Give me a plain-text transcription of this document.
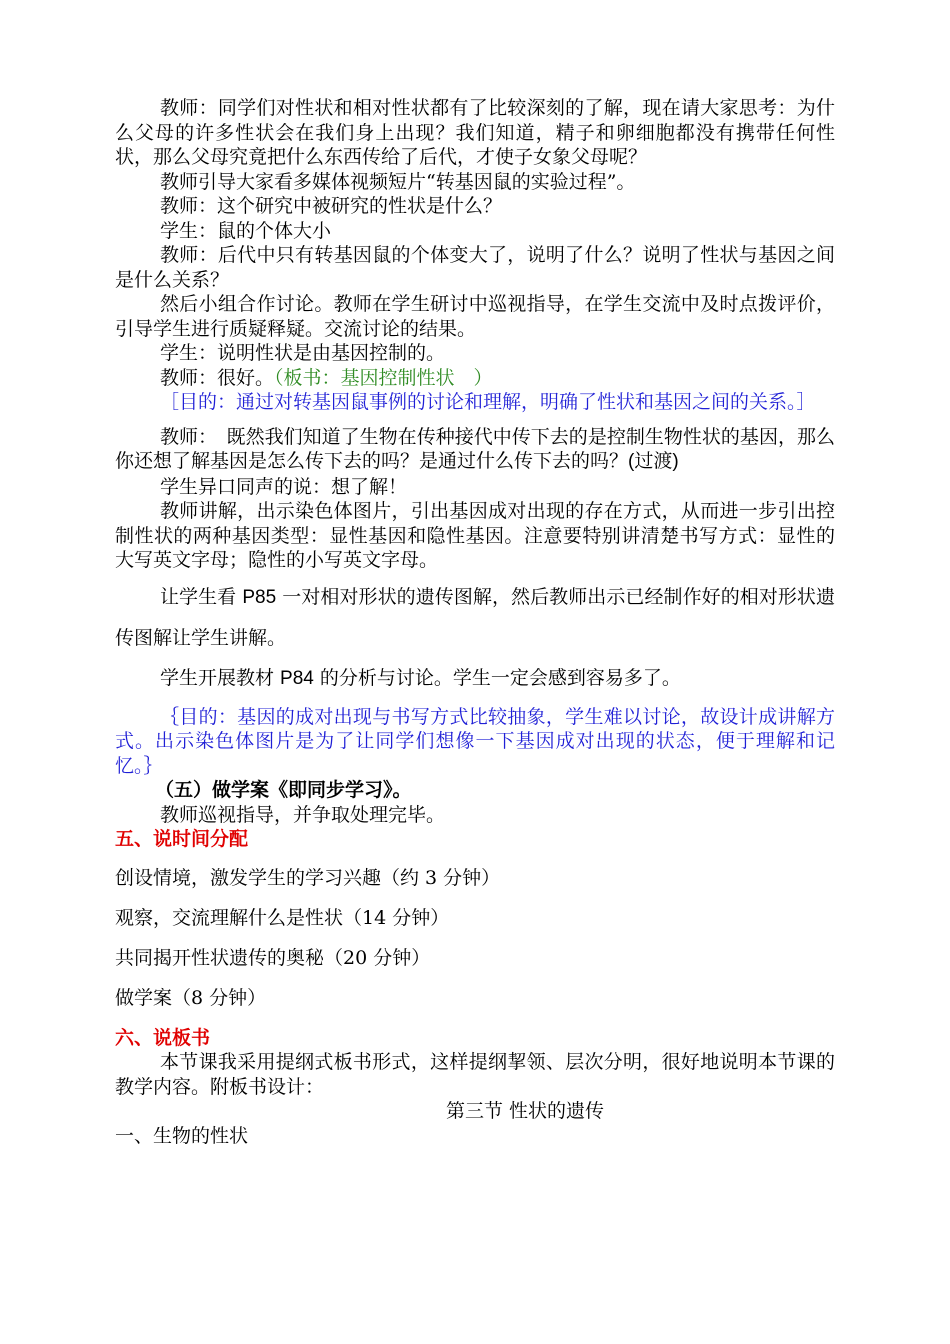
教师：同学们对性状和相对性状都有了比较深刻的了解，现在请大家思考：为什么父母的许多性状会在我们身上出现？我们知道，精子和卵细胞都没有携带任何性状，那么父母究竟把什么东西传给了后代，才使子女象父母呢？

教师引导大家看多媒体视频短片“转基因鼠的实验过程”。

教师：这个研究中被研究的性状是什么？

学生：鼠的个体大小

教师：后代中只有转基因鼠的个体变大了，说明了什么？说明了性状与基因之间是什么关系？

然后小组合作讨论。教师在学生研讨中巡视指导，在学生交流中及时点拨评价，引导学生进行质疑释疑。交流讨论的结果。

学生：说明性状是由基因控制的。

教师：很好。（板书：基因控制性状　）

［目的：通过对转基因鼠事例的讨论和理解，明确了性状和基因之间的关系。］

教师：　既然我们知道了生物在传种接代中传下去的是控制生物性状的基因，那么你还想了解基因是怎么传下去的吗？是通过什么传下去的吗？(过渡)

学生异口同声的说：想了解！

教师讲解，出示染色体图片，引出基因成对出现的存在方式，从而进一步引出控制性状的两种基因类型：显性基因和隐性基因。注意要特别讲清楚书写方式：显性的大写英文字母；隐性的小写英文字母。

让学生看 P85 一对相对形状的遗传图解，然后教师出示已经制作好的相对形状遗传图解让学生讲解。

学生开展教材 P84 的分析与讨论。学生一定会感到容易多了。

｛目的：基因的成对出现与书写方式比较抽象，学生难以讨论，故设计成讲解方式。出示染色体图片是为了让同学们想像一下基因成对出现的状态，便于理解和记忆。｝

（五）做学案《即同步学习》。

教师巡视指导，并争取处理完毕。

五、说时间分配

创设情境，激发学生的学习兴趣（约 3 分钟）

观察，交流理解什么是性状（14 分钟）

共同揭开性状遗传的奥秘（20 分钟）

做学案（8 分钟）

六、说板书

本节课我采用提纲式板书形式，这样提纲挈领、层次分明，很好地说明本节课的教学内容。附板书设计：

第三节 性状的遗传

一、生物的性状
